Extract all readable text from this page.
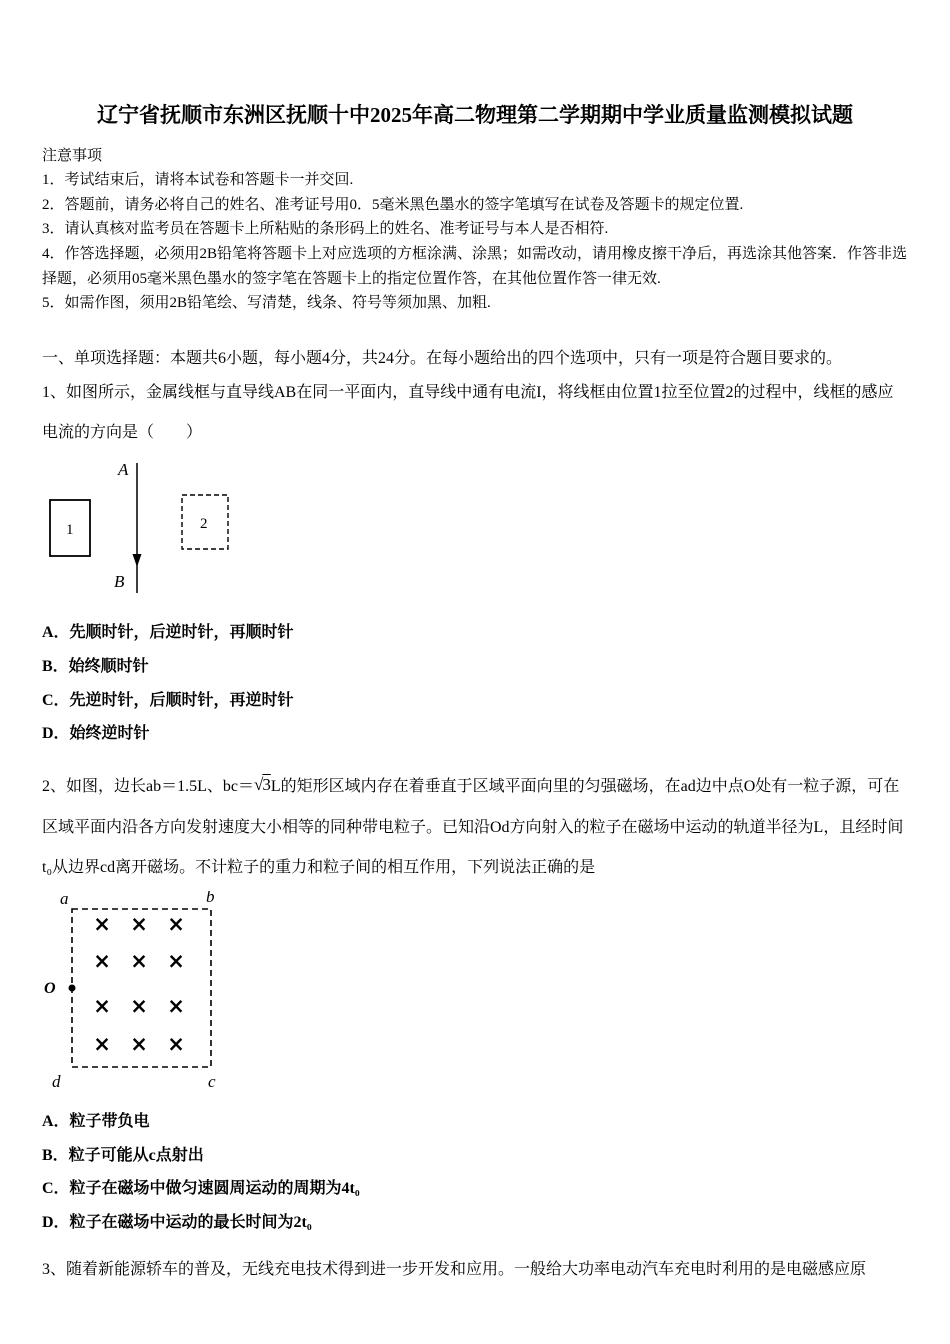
辽宁省抚顺市东洲区抚顺十中2025年高二物理第二学期期中学业质量监测模拟试题

注意事项

1．考试结束后，请将本试卷和答题卡一并交回.

2．答题前，请务必将自己的姓名、准考证号用0．5毫米黑色墨水的签字笔填写在试卷及答题卡的规定位置.

3．请认真核对监考员在答题卡上所粘贴的条形码上的姓名、准考证号与本人是否相符.

4．作答选择题，必须用2B铅笔将答题卡上对应选项的方框涂满、涂黑；如需改动，请用橡皮擦干净后，再选涂其他答案．作答非选择题，必须用05毫米黑色墨水的签字笔在答题卡上的指定位置作答，在其他位置作答一律无效.

5．如需作图，须用2B铅笔绘、写清楚，线条、符号等须加黑、加粗.

一、单项选择题：本题共6小题，每小题4分，共24分。在每小题给出的四个选项中，只有一项是符合题目要求的。

1、如图所示，金属线框与直导线AB在同一平面内，直导线中通有电流I，将线框由位置1拉至位置2的过程中，线框的感应电流的方向是（　　）

A
B
1	2

A．先顺时针，后逆时针，再顺时针

B．始终顺时针

C．先逆时针，后顺时针，再逆时针

D．始终逆时针

2、如图，边长ab＝1.5L、bc＝√3L的矩形区域内存在着垂直于区域平面向里的匀强磁场，在ad边中点O处有一粒子源，可在区域平面内沿各方向发射速度大小相等的同种带电粒子。已知沿Od方向射入的粒子在磁场中运动的轨道半径为L，且经时间t₀从边界cd离开磁场。不计粒子的重力和粒子间的相互作用，下列说法正确的是

a	b
d	c
O
× × ×
× × ×
× × ×
× × ×

A．粒子带负电

B．粒子可能从c点射出

C．粒子在磁场中做匀速圆周运动的周期为4t₀

D．粒子在磁场中运动的最长时间为2t₀

3、随着新能源轿车的普及，无线充电技术得到进一步开发和应用。一般给大功率电动汽车充电时利用的是电磁感应原
